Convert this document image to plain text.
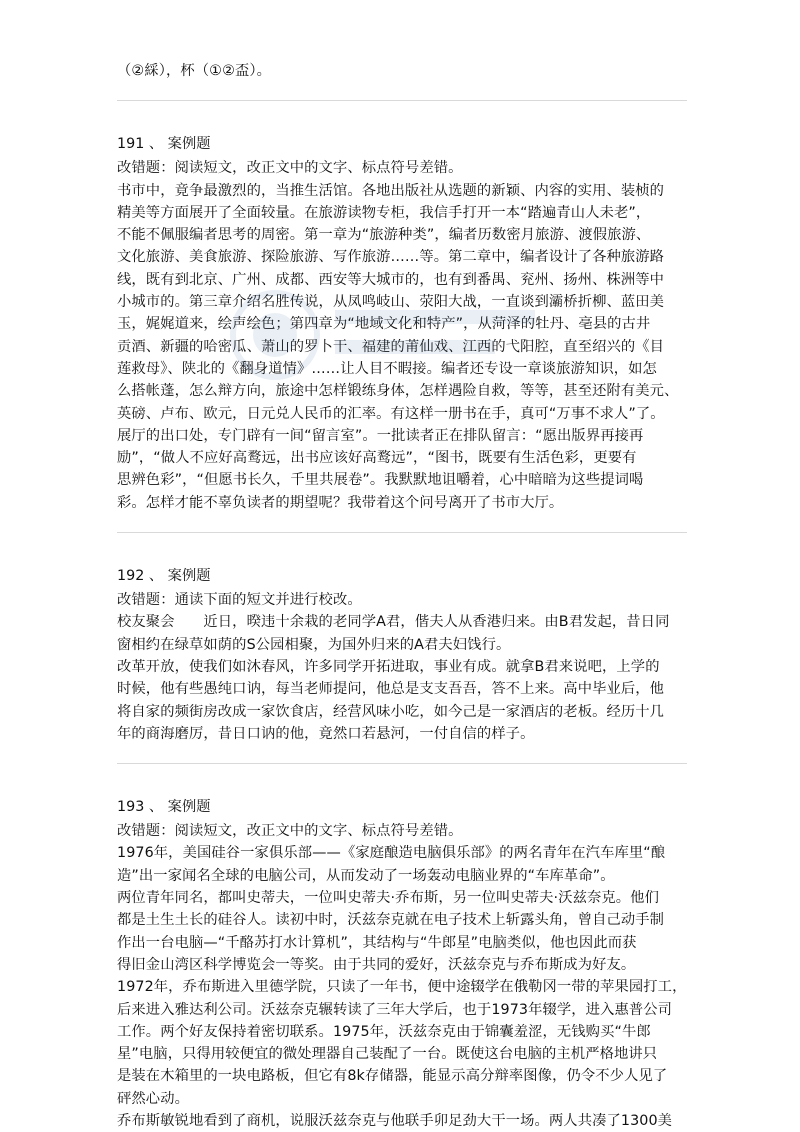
（②綵），杯（①②盃）。
191 、 案例题
改错题：阅读短文，改正文中的文字、标点符号差错。
书市中，竟争最激烈的，当推生活馆。各地出版社从选题的新颖、内容的实用、装桢的
精美等方面展开了全面较量。在旅游读物专柜，我信手打开一本“踏遍青山人未老”，
不能不佩服编者思考的周密。第一章为“旅游种类”，编者历数密月旅游、渡假旅游、
文化旅游、美食旅游、探险旅游、写作旅游……等。第二章中，编者设计了各种旅游路
线，既有到北京、广州、成都、西安等大城市的，也有到番禺、兖州、扬州、株洲等中
小城市的。第三章介绍名胜传说，从凤鸣岐山、荥阳大战，一直谈到灞桥折柳、蓝田美
玉，娓娓道来，绘声绘色；第四章为“地域文化和特产”，从菏泽的牡丹、亳县的古井
贡酒、新疆的哈密瓜、萧山的罗卜干、福建的莆仙戏、江西的弋阳腔，直至绍兴的《目
莲救母》、陕北的《翻身道情》……让人目不暇接。编者还专设一章谈旅游知识，如怎
么搭帐蓬，怎么辩方向，旅途中怎样锻练身体，怎样遇险自救，等等，甚至还附有美元、
英磅、卢布、欧元，日元兑人民币的汇率。有这样一册书在手，真可“万事不求人”了。
展厅的出口处，专门辟有一间“留言室”。一批读者正在排队留言：“愿出版界再接再
励”，“做人不应好高鹜远，出书应该好高鹜远”，“图书，既要有生活色彩，更要有
思辨色彩”，“但愿书长久，千里共展卷”。我默默地诅嚼着，心中暗暗为这些提词喝
彩。怎样才能不辜负读者的期望呢？我带着这个问号离开了书市大厅。
192 、 案例题
改错题：通读下面的短文并进行校改。
校友聚会　　近日，暌违十余栽的老同学A君，偕夫人从香港归来。由B君发起，昔日同
窗相约在绿草如荫的S公园相聚，为国外归来的A君夫妇饯行。
改革开放，使我们如沐春风，许多同学开拓进取，事业有成。就拿B君来说吧，上学的
时候，他有些愚纯口讷，每当老师提问，他总是支支吾吾，答不上来。高中毕业后，他
将自家的频街房改成一家饮食店，经营风味小吃，如今己是一家酒店的老板。经历十几
年的商海磨厉，昔日口讷的他，竟然口若悬河，一付自信的样子。
193 、 案例题
改错题：阅读短文，改正文中的文字、标点符号差错。
1976年，美国硅谷一家俱乐部——《家庭酿造电脑俱乐部》的两名青年在汽车库里“酿
造”出一家闻名全球的电脑公司，从而发动了一场轰动电脑业界的“车库革命”。
两位青年同名，都叫史蒂夫，一位叫史蒂夫·乔布斯，另一位叫史蒂夫·沃兹奈克。他们
都是土生土长的硅谷人。读初中时，沃兹奈克就在电子技术上斩露头角，曾自己动手制
作出一台电脑—“千酪苏打水计算机”，其结构与“牛郎星”电脑类似，他也因此而获
得旧金山湾区科学博览会一等奖。由于共同的爱好，沃兹奈克与乔布斯成为好友。
1972年，乔布斯进入里德学院，只读了一年书，便中途辍学在俄勒冈一带的苹果园打工，
后来进入雅达利公司。沃兹奈克辗转读了三年大学后，也于1973年辍学，进入惠普公司
工作。两个好友保持着密切联系。1975年，沃兹奈克由于锦囊羞涩，无钱购买“牛郎
星”电脑，只得用较便宜的微处理器自己装配了一台。既使这台电脑的主机严格地讲只
是装在木箱里的一块电路板，但它有8k存储器，能显示高分辩率图像，仍令不少人见了
砰然心动。
乔布斯敏锐地看到了商机，说服沃兹奈克与他联手卯足劲大干一场。两人共凑了1300美
